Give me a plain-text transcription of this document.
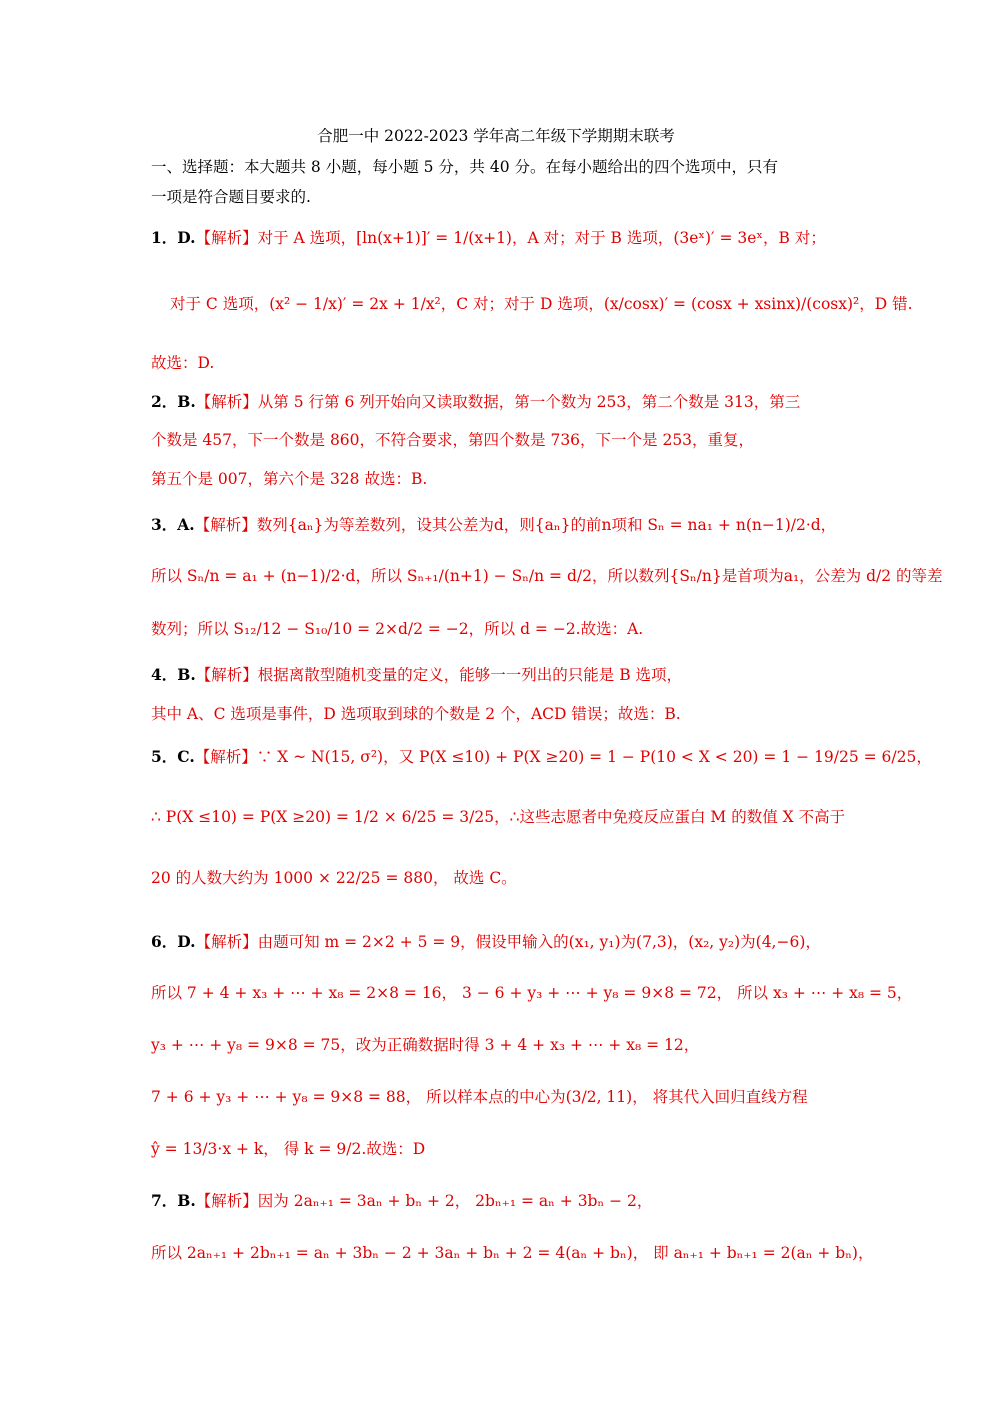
合肥一中 2022-2023 学年高二年级下学期期末联考
一、选择题：本大题共 8 小题，每小题 5 分，共 40 分。在每小题给出的四个选项中，只有
一项是符合题目要求的.
1．D.【解析】对于 A 选项，[ln(x+1)]′ = 1/(x+1)，A 对；对于 B 选项，(3eˣ)′ = 3eˣ，B 对；
对于 C 选项，(x² − 1/x)′ = 2x + 1/x²，C 对；对于 D 选项，(x/cosx)′ = (cosx + xsinx)/(cosx)²，D 错.
故选：D.
2．B.【解析】从第 5 行第 6 列开始向又读取数据，第一个数为 253，第二个数是 313，第三
个数是 457，下一个数是 860，不符合要求，第四个数是 736，下一个是 253，重复，
第五个是 007，第六个是 328 故选：B.
3．A.【解析】数列{aₙ}为等差数列，设其公差为d，则{aₙ}的前n项和 Sₙ = na₁ + n(n−1)/2·d，
所以 Sₙ/n = a₁ + (n−1)/2·d，所以 Sₙ₊₁/(n+1) − Sₙ/n = d/2，所以数列{Sₙ/n}是首项为a₁，公差为 d/2 的等差
数列；所以 S₁₂/12 − S₁₀/10 = 2×d/2 = −2，所以 d = −2.故选：A.
4．B.【解析】根据离散型随机变量的定义，能够一一列出的只能是 B 选项，
其中 A、C 选项是事件，D 选项取到球的个数是 2 个，ACD 错误；故选：B.
5．C.【解析】∵ X ~ N(15, σ²)，又 P(X ≤10) + P(X ≥20) = 1 − P(10 < X < 20) = 1 − 19/25 = 6/25，
∴ P(X ≤10) = P(X ≥20) = 1/2 × 6/25 = 3/25，∴这些志愿者中免疫反应蛋白 M 的数值 X 不高于
20 的人数大约为 1000 × 22/25 = 880， 故选 C。
6．D.【解析】由题可知 m = 2×2 + 5 = 9，假设甲输入的(x₁, y₁)为(7,3)，(x₂, y₂)为(4,−6)，
所以 7 + 4 + x₃ + ⋯ + x₈ = 2×8 = 16， 3 − 6 + y₃ + ⋯ + y₈ = 9×8 = 72， 所以 x₃ + ⋯ + x₈ = 5，
y₃ + ⋯ + y₈ = 9×8 = 75，改为正确数据时得 3 + 4 + x₃ + ⋯ + x₈ = 12，
7 + 6 + y₃ + ⋯ + y₈ = 9×8 = 88， 所以样本点的中心为(3/2, 11)， 将其代入回归直线方程
ŷ = 13/3·x + k， 得 k = 9/2.故选：D
7．B.【解析】因为 2aₙ₊₁ = 3aₙ + bₙ + 2， 2bₙ₊₁ = aₙ + 3bₙ − 2，
所以 2aₙ₊₁ + 2bₙ₊₁ = aₙ + 3bₙ − 2 + 3aₙ + bₙ + 2 = 4(aₙ + bₙ)， 即 aₙ₊₁ + bₙ₊₁ = 2(aₙ + bₙ)，
